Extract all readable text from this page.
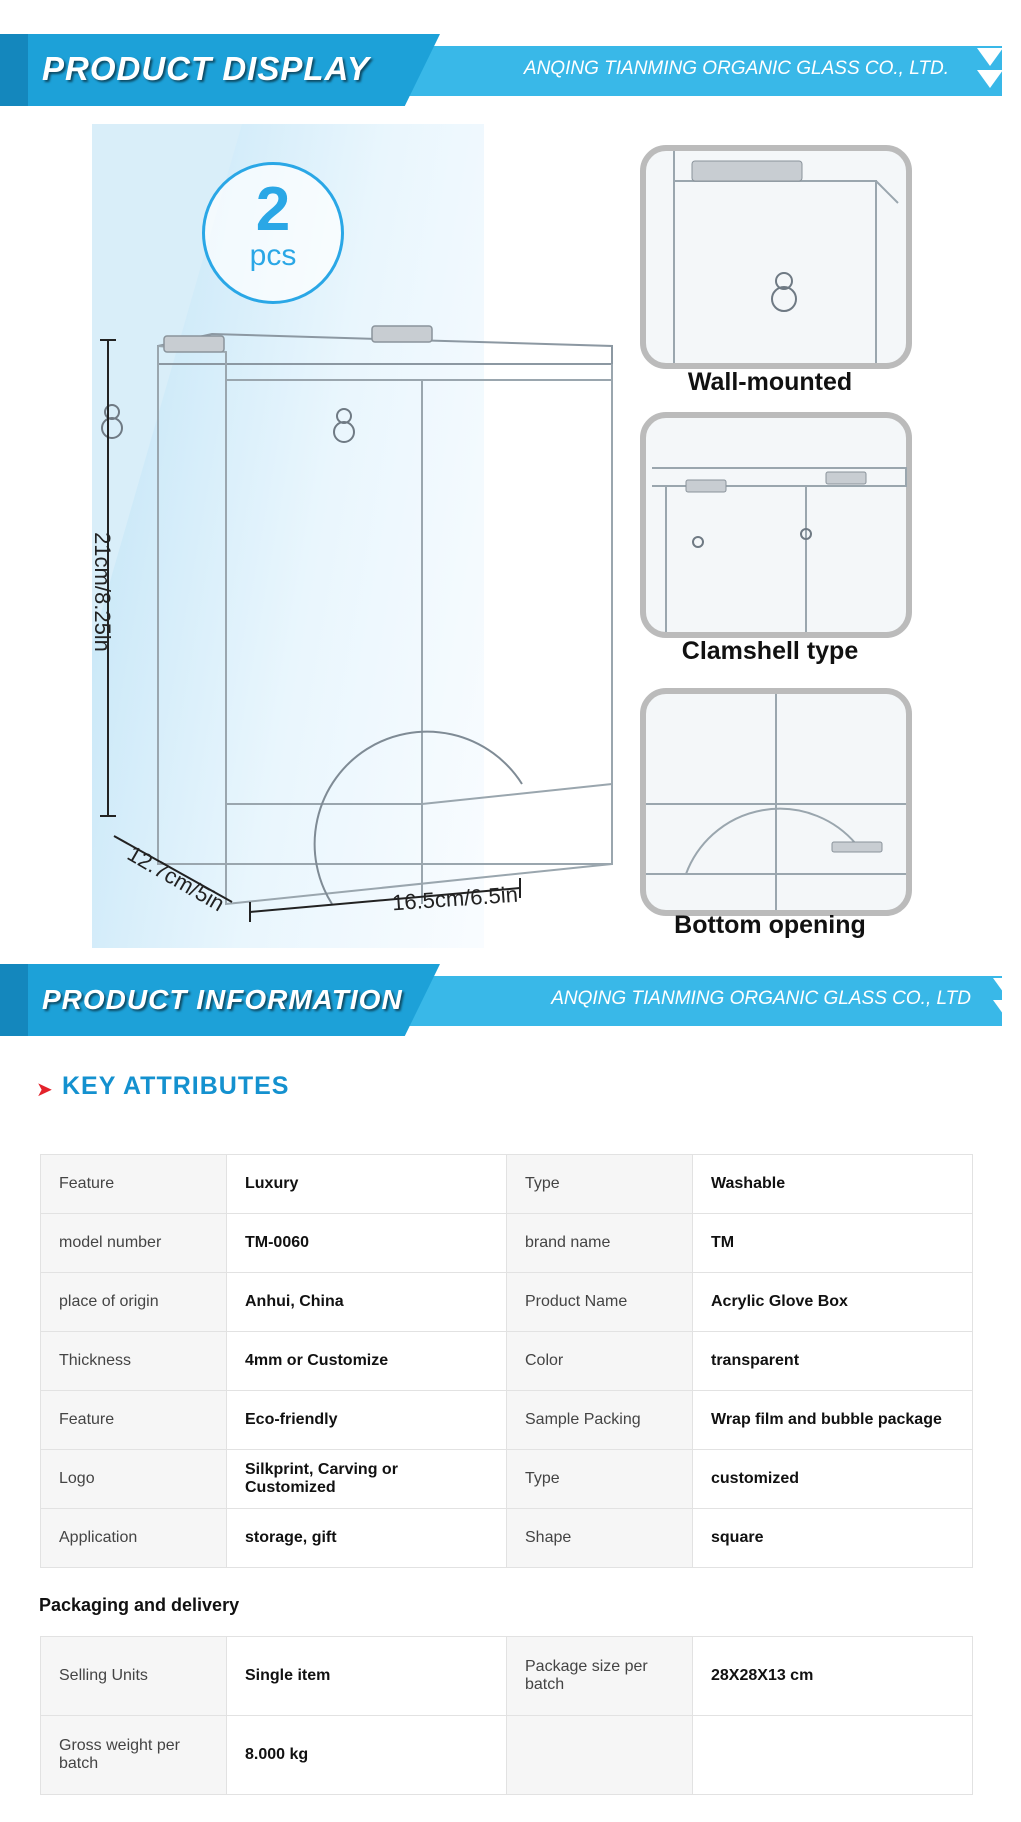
PRODUCT DISPLAY	ANQING TIANMING ORGANIC GLASS CO., LTD.
2
pcs
21cm/8.25in
12.7cm/5in	16.5cm/6.5in
Wall-mounted
Clamshell type
Bottom opening
PRODUCT INFORMATION	ANQING TIANMING ORGANIC GLASS CO., LTD
➤ KEY ATTRIBUTES
Feature	Luxury	Type	Washable
model number	TM-0060	brand name	TM
place of origin	Anhui, China	Product Name	Acrylic Glove Box
Thickness	4mm or Customize	Color	transparent
Feature	Eco-friendly	Sample Packing	Wrap film and bubble package
Logo	Silkprint, Carving or Customized	Type	customized
Application	storage, gift	Shape	square
Packaging and delivery
Selling Units	Single item	Package size per batch	28X28X13 cm
Gross weight per batch	8.000 kg		
